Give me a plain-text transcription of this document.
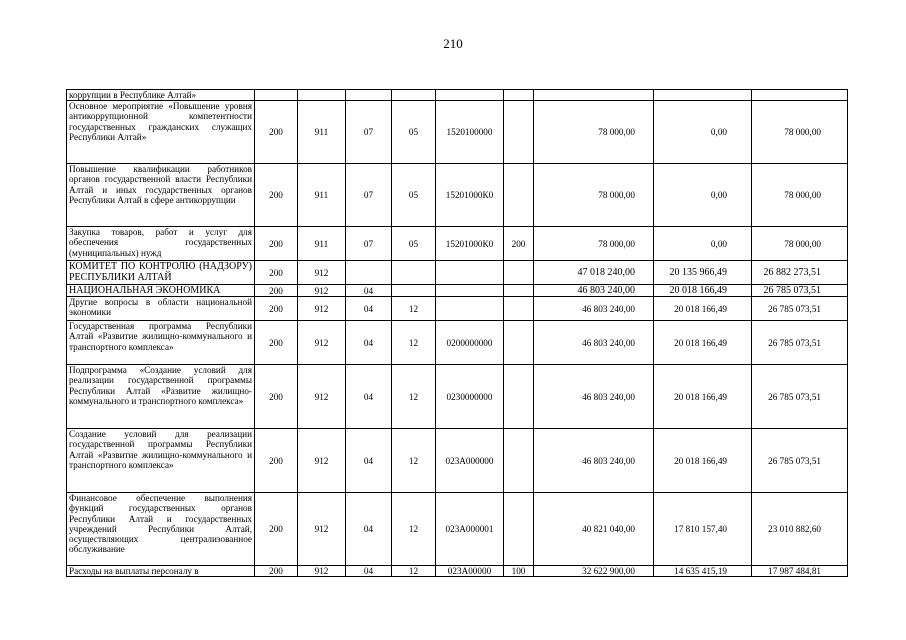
210
коррупции в Республике Алтай»									
Основное мероприятие «Повышение уровня антикоррупционной компетентности государственных гражданских служащих Республики Алтай»	200	911	07	05	1520100000		78 000,00	0,00	78 000,00
Повышение квалификации работников органов государственной власти Республики Алтай и иных государственных органов Республики Алтай в сфере антикоррупции	200	911	07	05	15201000К0		78 000,00	0,00	78 000,00
Закупка товаров, работ и услуг для обеспечения государственных (муниципальных) нужд	200	911	07	05	15201000К0	200	78 000,00	0,00	78 000,00
КОМИТЕТ ПО КОНТРОЛЮ (НАДЗОРУ) РЕСПУБЛИКИ АЛТАЙ	200	912					47 018 240,00	20 135 966,49	26 882 273,51
НАЦИОНАЛЬНАЯ ЭКОНОМИКА	200	912	04				46 803 240,00	20 018 166,49	26 785 073,51
Другие вопросы в области национальной экономики	200	912	04	12			46 803 240,00	20 018 166,49	26 785 073,51
Государственная программа Республики Алтай «Развитие жилищно-коммунального и транспортного комплекса»	200	912	04	12	0200000000		46 803 240,00	20 018 166,49	26 785 073,51
Подпрограмма «Создание условий для реализации государственной программы Республики Алтай «Развитие жилищно-коммунального и транспортного комплекса»	200	912	04	12	0230000000		46 803 240,00	20 018 166,49	26 785 073,51
Создание условий для реализации государственной программы Республики Алтай «Развитие жилищно-коммунального и транспортного комплекса»	200	912	04	12	023А000000		46 803 240,00	20 018 166,49	26 785 073,51
Финансовое обеспечение выполнения функций государственных органов Республики Алтай и государственных учреждений Республики Алтай, осуществляющих централизованное обслуживание	200	912	04	12	023А000001		40 821 040,00	17 810 157,40	23 010 882,60
Расходы на выплаты персоналу в	200	912	04	12	023А00000	100	32 622 900,00	14 635 415,19	17 987 484,81
